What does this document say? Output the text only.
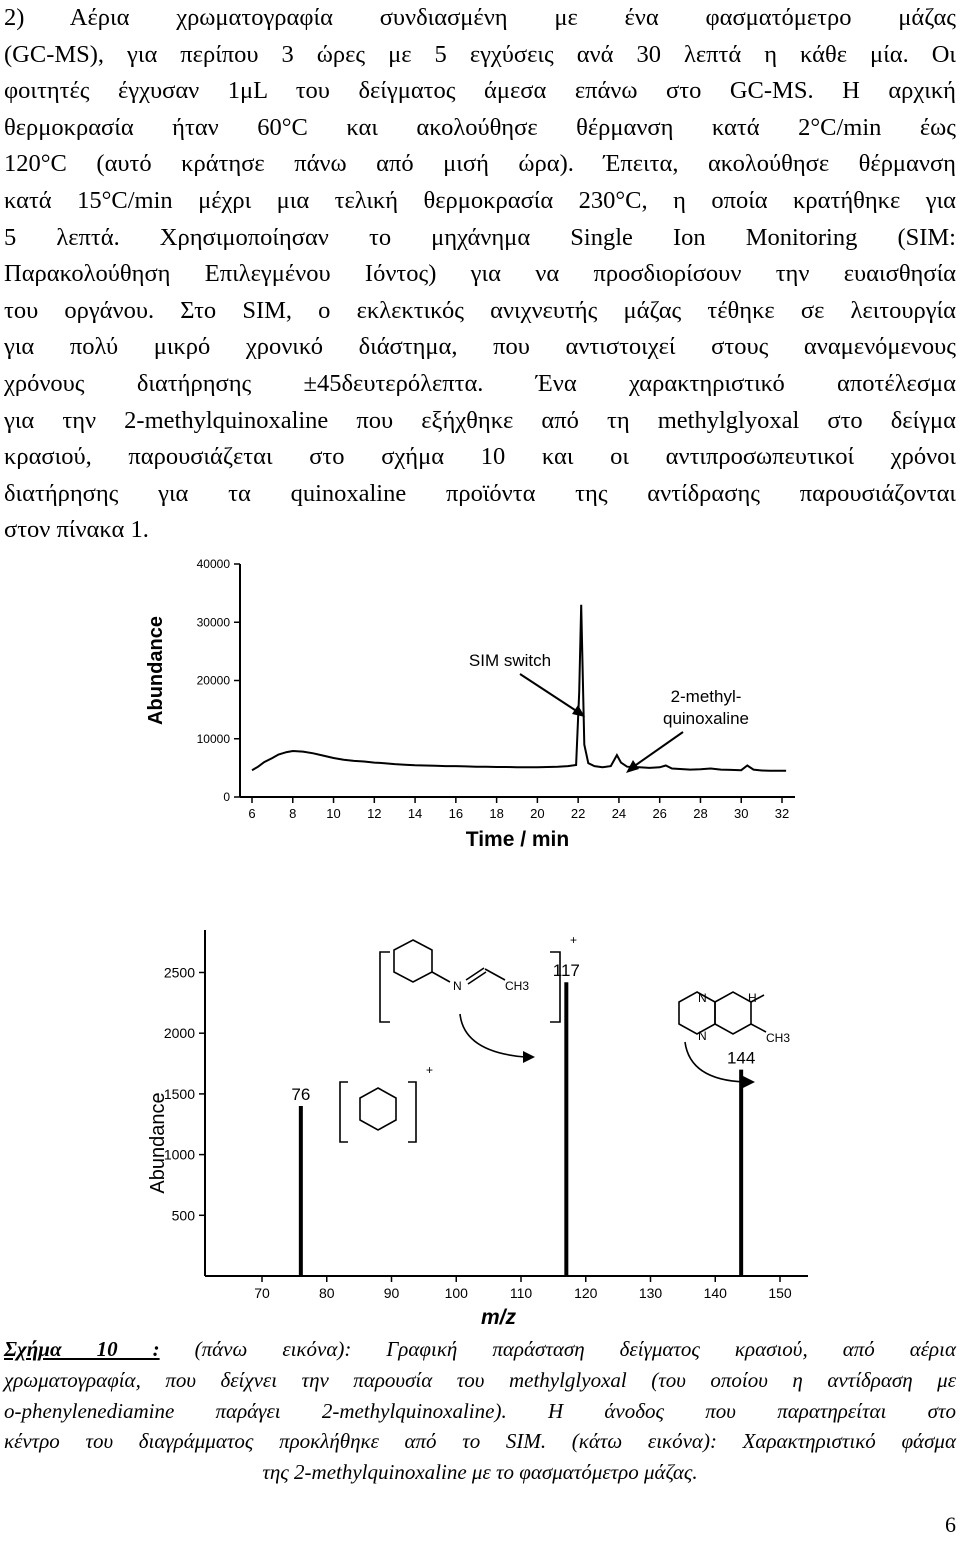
2) Αέρια χρωματογραφία συνδιασμένη με ένα φασματόμετρο μάζας
(GC-MS), για περίπου 3 ώρες με 5 εγχύσεις ανά 30 λεπτά η κάθε μία. Οι
φοιτητές έγχυσαν 1μL του δείγματος άμεσα επάνω στο GC-MS. Η αρχική
θερμοκρασία ήταν 60°C και ακολούθησε θέρμανση κατά 2°C/min έως
120°C (αυτό κράτησε πάνω από μισή ώρα). Έπειτα, ακολούθησε θέρμανση
κατά 15°C/min μέχρι μια τελική θερμοκρασία 230°C, η οποία κρατήθηκε για
5 λεπτά. Χρησιμοποίησαν το μηχάνημα Single Ion Monitoring (SIM:
Παρακολούθηση Επιλεγμένου Ιόντος) για να προσδιορίσουν την ευαισθησία
του οργάνου. Στο SIM, ο εκλεκτικός ανιχνευτής μάζας τέθηκε σε λειτουργία
για πολύ μικρό χρονικό διάστημα, που αντιστοιχεί στους αναμενόμενους
χρόνους διατήρησης ±45δευτερόλεπτα. Ένα χαρακτηριστικό αποτέλεσμα
για την 2-methylquinoxaline που εξήχθηκε από τη methylglyoxal στο δείγμα
κρασιού, παρουσιάζεται στο σχήμα 10 και οι αντιπροσωπευτικοί χρόνοι
διατήρησης για τα quinoxaline προϊόντα της αντίδρασης παρουσιάζονται
στον πίνακα 1.
0
10000
20000
30000
40000
6	8 10 12 14 16 18 20 22 24 26 28 30 32
Time / min
Abundance	SIM switch
2-methyl-
quinoxaline
500
1000
1500
2000
2500
70	80	90	100	110	120	130	140	150
m/z
Abundance	76
117
144
N	CH3
+
N	H
N	CH3
+
Σχήμα 10 : (πάνω εικόνα): Γραφική παράσταση δείγματος κρασιού, από αέρια
χρωματογραφία, που δείχνει την παρουσία του methylglyoxal (του οποίου η αντίδραση με
o-phenylenediamine παράγει 2-methylquinoxaline). Η άνοδος που παρατηρείται στο
κέντρο του διαγράμματος προκλήθηκε από το SIM. (κάτω εικόνα): Χαρακτηριστικό φάσμα
της 2-methylquinoxaline με το φασματόμετρο μάζας.
6
